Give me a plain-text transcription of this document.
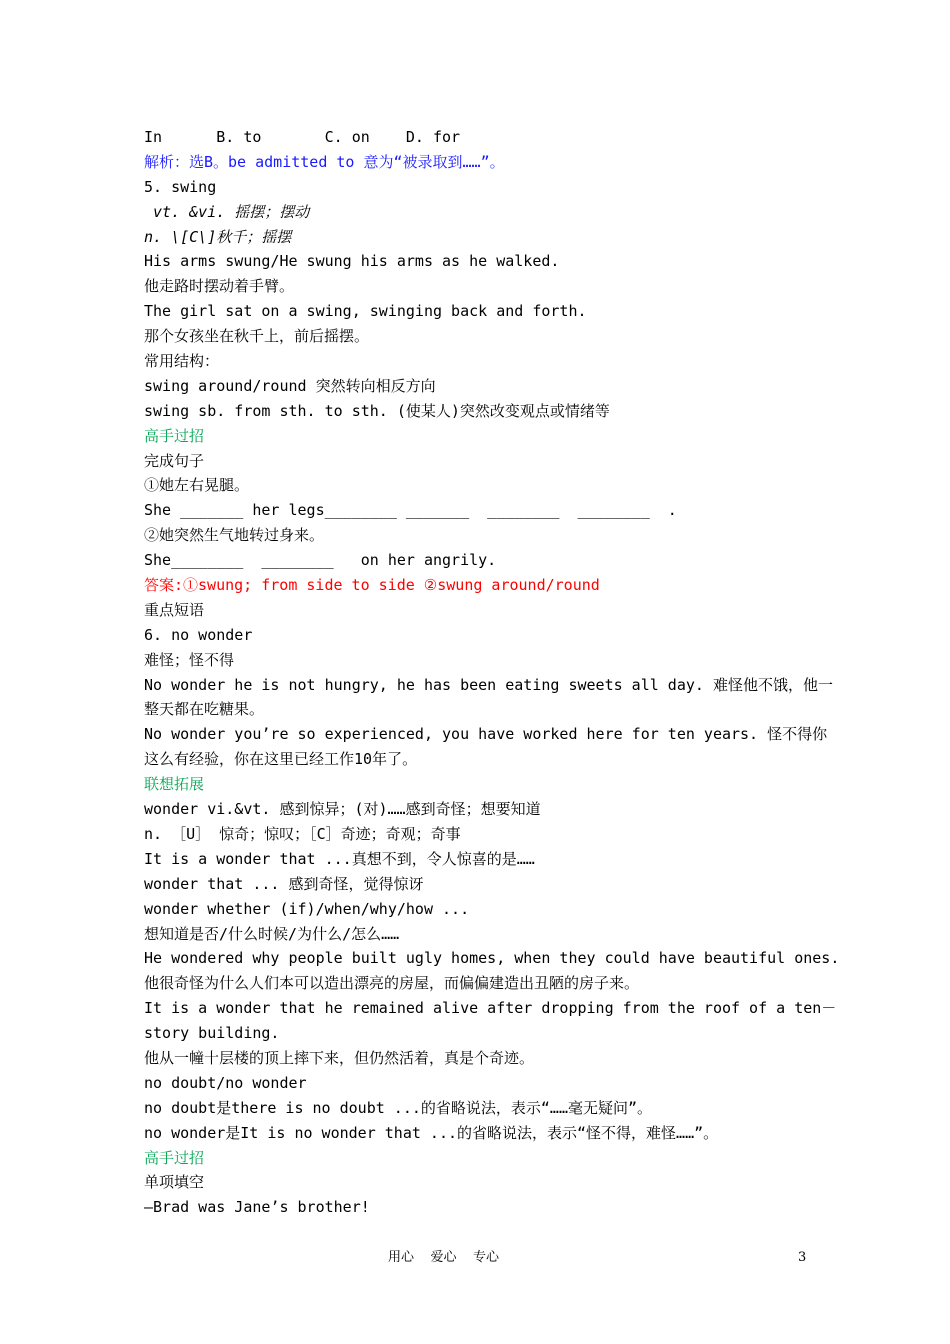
In      B. to       C. on    D. for
解析：选B。be admitted to 意为“被录取到……”。
5. swing
vt. &vi. 摇摆；摆动
n. \[C\]秋千；摇摆
His arms swung/He swung his arms as he walked.
他走路时摆动着手臂。
The girl sat on a swing, swinging back and forth.
那个女孩坐在秋千上，前后摇摆。
常用结构：
swing around/round 突然转向相反方向
swing sb. from sth. to sth. (使某人)突然改变观点或情绪等
高手过招
完成句子
①她左右晃腿。
She _______ her legs________ _______  ________  ________  .
②她突然生气地转过身来。
She________  ________   on her angrily.
答案:①swung; from side to side ②swung around/round
重点短语
6. no wonder
难怪；怪不得
No wonder he is not hungry, he has been eating sweets all day. 难怪他不饿，他一
整天都在吃糖果。
No wonder you’re so experienced, you have worked here for ten years. 怪不得你
这么有经验，你在这里已经工作10年了。
联想拓展
wonder vi.&vt. 感到惊异；(对)……感到奇怪；想要知道
n. ［U］ 惊奇；惊叹；［C］奇迹；奇观；奇事
It is a wonder that ...真想不到，令人惊喜的是……
wonder that ... 感到奇怪，觉得惊讶
wonder whether (if)/when/why/how ...
想知道是否/什么时候/为什么/怎么……
He wondered why people built ugly homes, when they could have beautiful ones.
他很奇怪为什么人们本可以造出漂亮的房屋，而偏偏建造出丑陋的房子来。
It is a wonder that he remained alive after dropping from the roof of a ten－
story building.
他从一幢十层楼的顶上摔下来，但仍然活着，真是个奇迹。
no doubt/no wonder
no doubt是there is no doubt ...的省略说法，表示“……毫无疑问”。
no wonder是It is no wonder that ...的省略说法，表示“怪不得，难怪……”。
高手过招
单项填空
—Brad was Jane’s brother!
用心    爱心    专心	3
